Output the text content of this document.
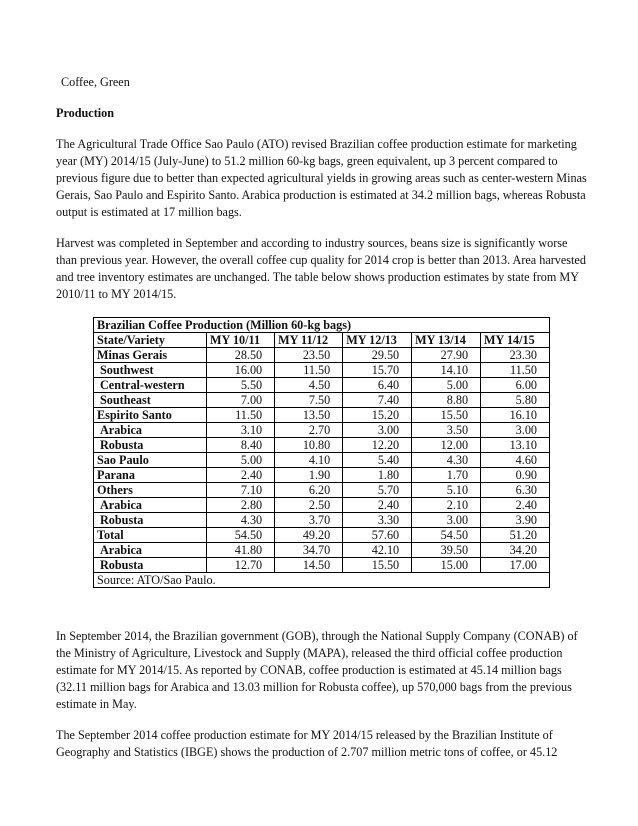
Coffee, Green
Production
The Agricultural Trade Office Sao Paulo (ATO) revised Brazilian coffee production estimate for marketing year (MY) 2014/15 (July-June) to 51.2 million 60-kg bags, green equivalent, up 3 percent compared to previous figure due to better than expected agricultural yields in growing areas such as center-western Minas Gerais, Sao Paulo and Espirito Santo. Arabica production is estimated at 34.2 million bags, whereas Robusta output is estimated at 17 million bags.
Harvest was completed in September and according to industry sources, beans size is significantly worse than previous year. However, the overall coffee cup quality for 2014 crop is better than 2013. Area harvested and tree inventory estimates are unchanged. The table below shows production estimates by state from MY 2010/11 to MY 2014/15.
Brazilian Coffee Production (Million 60-kg bags)					
State/Variety	MY 10/11	MY 11/12	MY 12/13	MY 13/14	MY 14/15
Minas Gerais	28.50	23.50	29.50	27.90	23.30
Southwest	16.00	11.50	15.70	14.10	11.50
Central-western	5.50	4.50	6.40	5.00	6.00
Southeast	7.00	7.50	7.40	8.80	5.80
Espirito Santo	11.50	13.50	15.20	15.50	16.10
Arabica	3.10	2.70	3.00	3.50	3.00
Robusta	8.40	10.80	12.20	12.00	13.10
Sao Paulo	5.00	4.10	5.40	4.30	4.60
Parana	2.40	1.90	1.80	1.70	0.90
Others	7.10	6.20	5.70	5.10	6.30
Arabica	2.80	2.50	2.40	2.10	2.40
Robusta	4.30	3.70	3.30	3.00	3.90
Total	54.50	49.20	57.60	54.50	51.20
Arabica	41.80	34.70	42.10	39.50	34.20
Robusta	12.70	14.50	15.50	15.00	17.00
Source: ATO/Sao Paulo.					
In September 2014, the Brazilian government (GOB), through the National Supply Company (CONAB) of the Ministry of Agriculture, Livestock and Supply (MAPA), released the third official coffee production estimate for MY 2014/15. As reported by CONAB, coffee production is estimated at 45.14 million bags (32.11 million bags for Arabica and 13.03 million for Robusta coffee), up 570,000 bags from the previous estimate in May.
The September 2014 coffee production estimate for MY 2014/15 released by the Brazilian Institute of Geography and Statistics (IBGE) shows the production of 2.707 million metric tons of coffee, or 45.12
